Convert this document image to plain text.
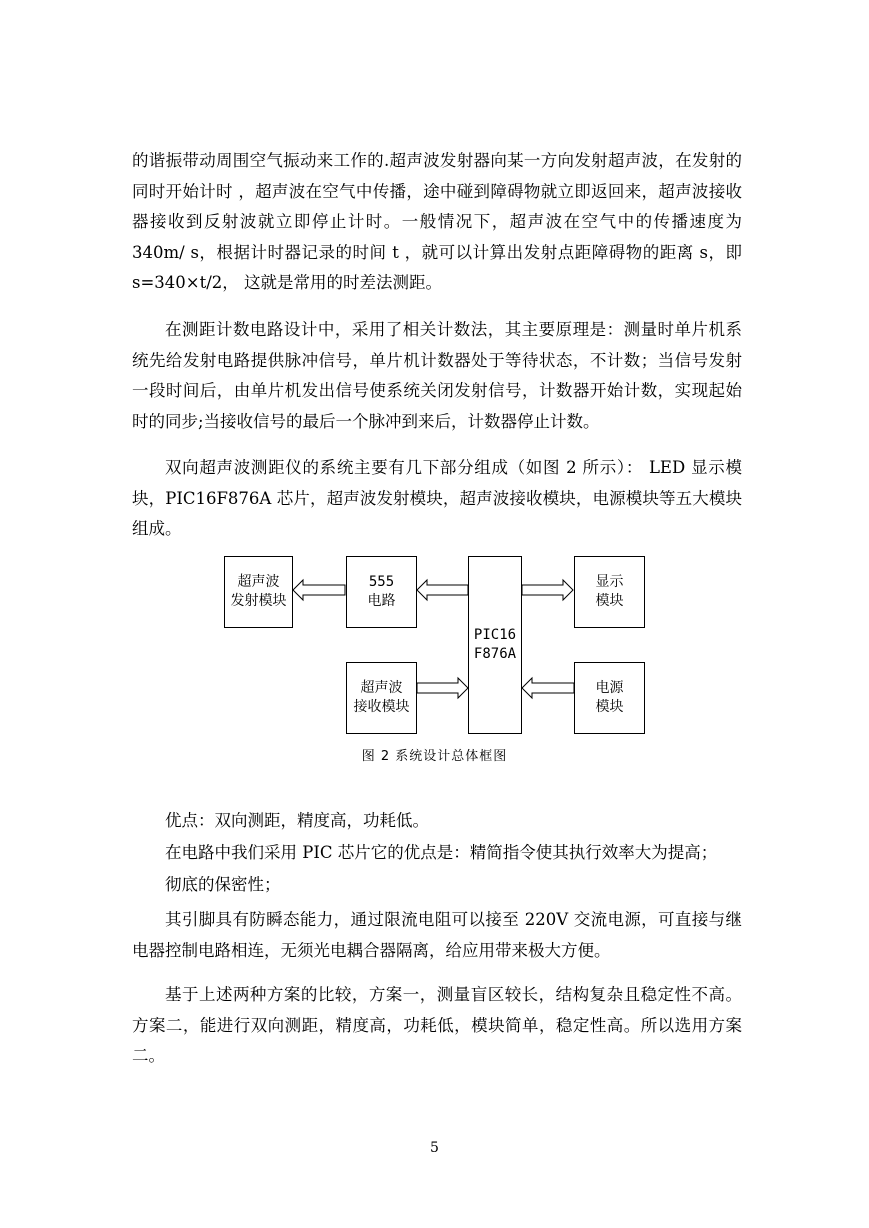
的谐振带动周围空气振动来工作的.超声波发射器向某一方向发射超声波，在发射的同时开始计时 ，超声波在空气中传播，途中碰到障碍物就立即返回来，超声波接收器接收到反射波就立即停止计时。一般情况下，超声波在空气中的传播速度为 340m/ s，根据计时器记录的时间 t ，就可以计算出发射点距障碍物的距离 s，即 s=340×t/2， 这就是常用的时差法测距。

在测距计数电路设计中，采用了相关计数法，其主要原理是：测量时单片机系统先给发射电路提供脉冲信号，单片机计数器处于等待状态，不计数；当信号发射一段时间后，由单片机发出信号使系统关闭发射信号，计数器开始计数，实现起始时的同步;当接收信号的最后一个脉冲到来后，计数器停止计数。

双向超声波测距仪的系统主要有几下部分组成（如图 2 所示）： LED 显示模块，PIC16F876A 芯片，超声波发射模块，超声波接收模块，电源模块等五大模块组成。

超声波
发射模块
555
电路
PIC16
F876A
显示
模块
超声波
接收模块
电源
模块
图 2 系统设计总体框图

优点：双向测距，精度高，功耗低。

在电路中我们采用 PIC 芯片它的优点是：精简指令使其执行效率大为提高；

彻底的保密性；

其引脚具有防瞬态能力，通过限流电阻可以接至 220V 交流电源，可直接与继电器控制电路相连，无须光电耦合器隔离，给应用带来极大方便。

基于上述两种方案的比较，方案一，测量盲区较长，结构复杂且稳定性不高。方案二，能进行双向测距，精度高，功耗低，模块简单，稳定性高。所以选用方案二。

5
